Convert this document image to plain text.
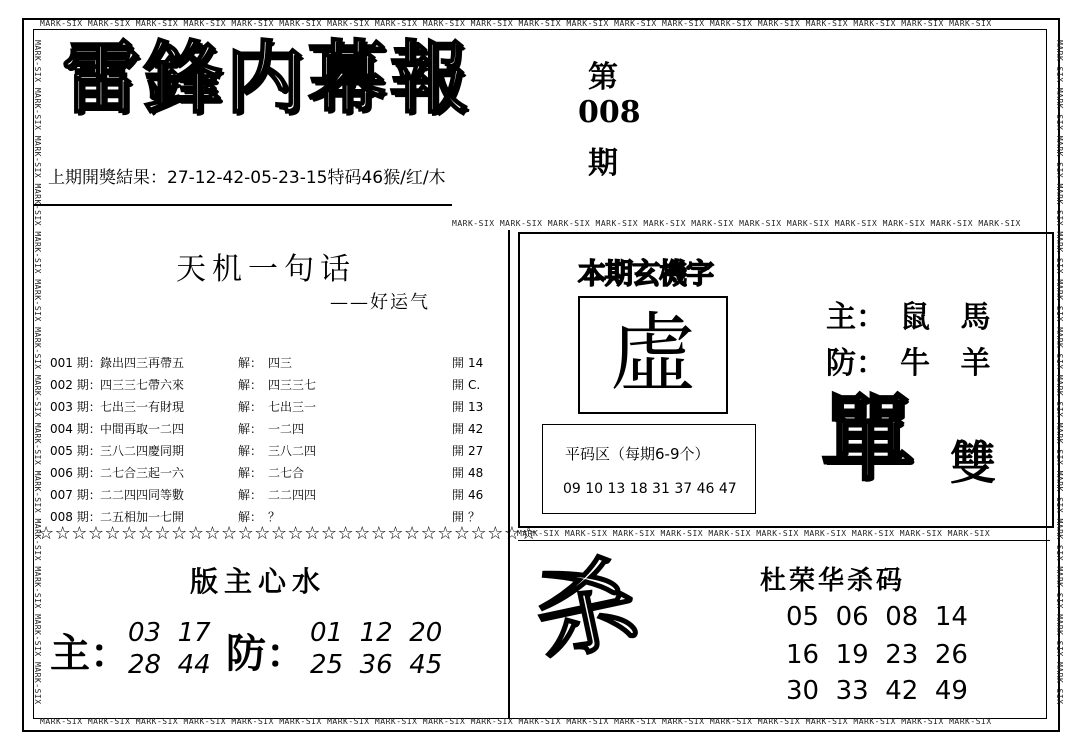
MARK-SIX MARK-SIX MARK-SIX MARK-SIX MARK-SIX MARK-SIX MARK-SIX MARK-SIX MARK-SIX MARK-SIX MARK-SIX MARK-SIX MARK-SIX MARK-SIX MARK-SIX MARK-SIX MARK-SIX MARK-SIX MARK-SIX MARK-SIX
MARK-SIX MARK-SIX MARK-SIX MARK-SIX MARK-SIX MARK-SIX MARK-SIX MARK-SIX MARK-SIX MARK-SIX MARK-SIX MARK-SIX MARK-SIX MARK-SIX MARK-SIX MARK-SIX MARK-SIX MARK-SIX MARK-SIX MARK-SIX
MARK-SIX MARK-SIX MARK-SIX MARK-SIX MARK-SIX MARK-SIX MARK-SIX MARK-SIX MARK-SIX MARK-SIX MARK-SIX MARK-SIX MARK-SIX MARK-SIX	MARK-SIX MARK-SIX MARK-SIX MARK-SIX MARK-SIX MARK-SIX MARK-SIX MARK-SIX MARK-SIX MARK-SIX MARK-SIX MARK-SIX MARK-SIX MARK-SIX
MARK-SIX MARK-SIX MARK-SIX MARK-SIX MARK-SIX MARK-SIX MARK-SIX MARK-SIX MARK-SIX MARK-SIX MARK-SIX MARK-SIX
MARK-SIX MARK-SIX MARK-SIX MARK-SIX MARK-SIX MARK-SIX MARK-SIX MARK-SIX MARK-SIX MARK-SIX
雷鋒内幕報	第
008
期
上期開獎結果：27-12-42-05-23-15特码46猴/红/木
天机一句话
——好运气
001 期： 錄出四三再帶五	解： 四三	開 14
002 期： 四三三七帶六來	解： 四三三七	開 C.
003 期： 七出三一有財現	解： 七出三一	開 13
004 期： 中間再取一二四	解： 一二四	開 42
005 期： 三八二四慶同期	解： 三八二四	開 27
006 期： 二七合三起一六	解： 二七合	開 48
007 期： 二二四四同等數	解： 二二四四	開 46
008 期： 二五相加一七開	解： ？	開 ？
☆☆☆☆☆☆☆☆☆☆☆☆☆☆☆☆☆☆☆☆☆☆☆☆☆☆☆☆☆☆
本期玄機字
虛
平码区（每期6-9个）
09 10 13 18 31 37 46 47
主： 鼠 馬
防： 牛 羊
單 雙
版主心水
主：
03  17
28  44 防： 01  12  20
25  36  45 杀	杜荣华杀码
05  06  08  14
16  19  23  26
30  33  42  49
